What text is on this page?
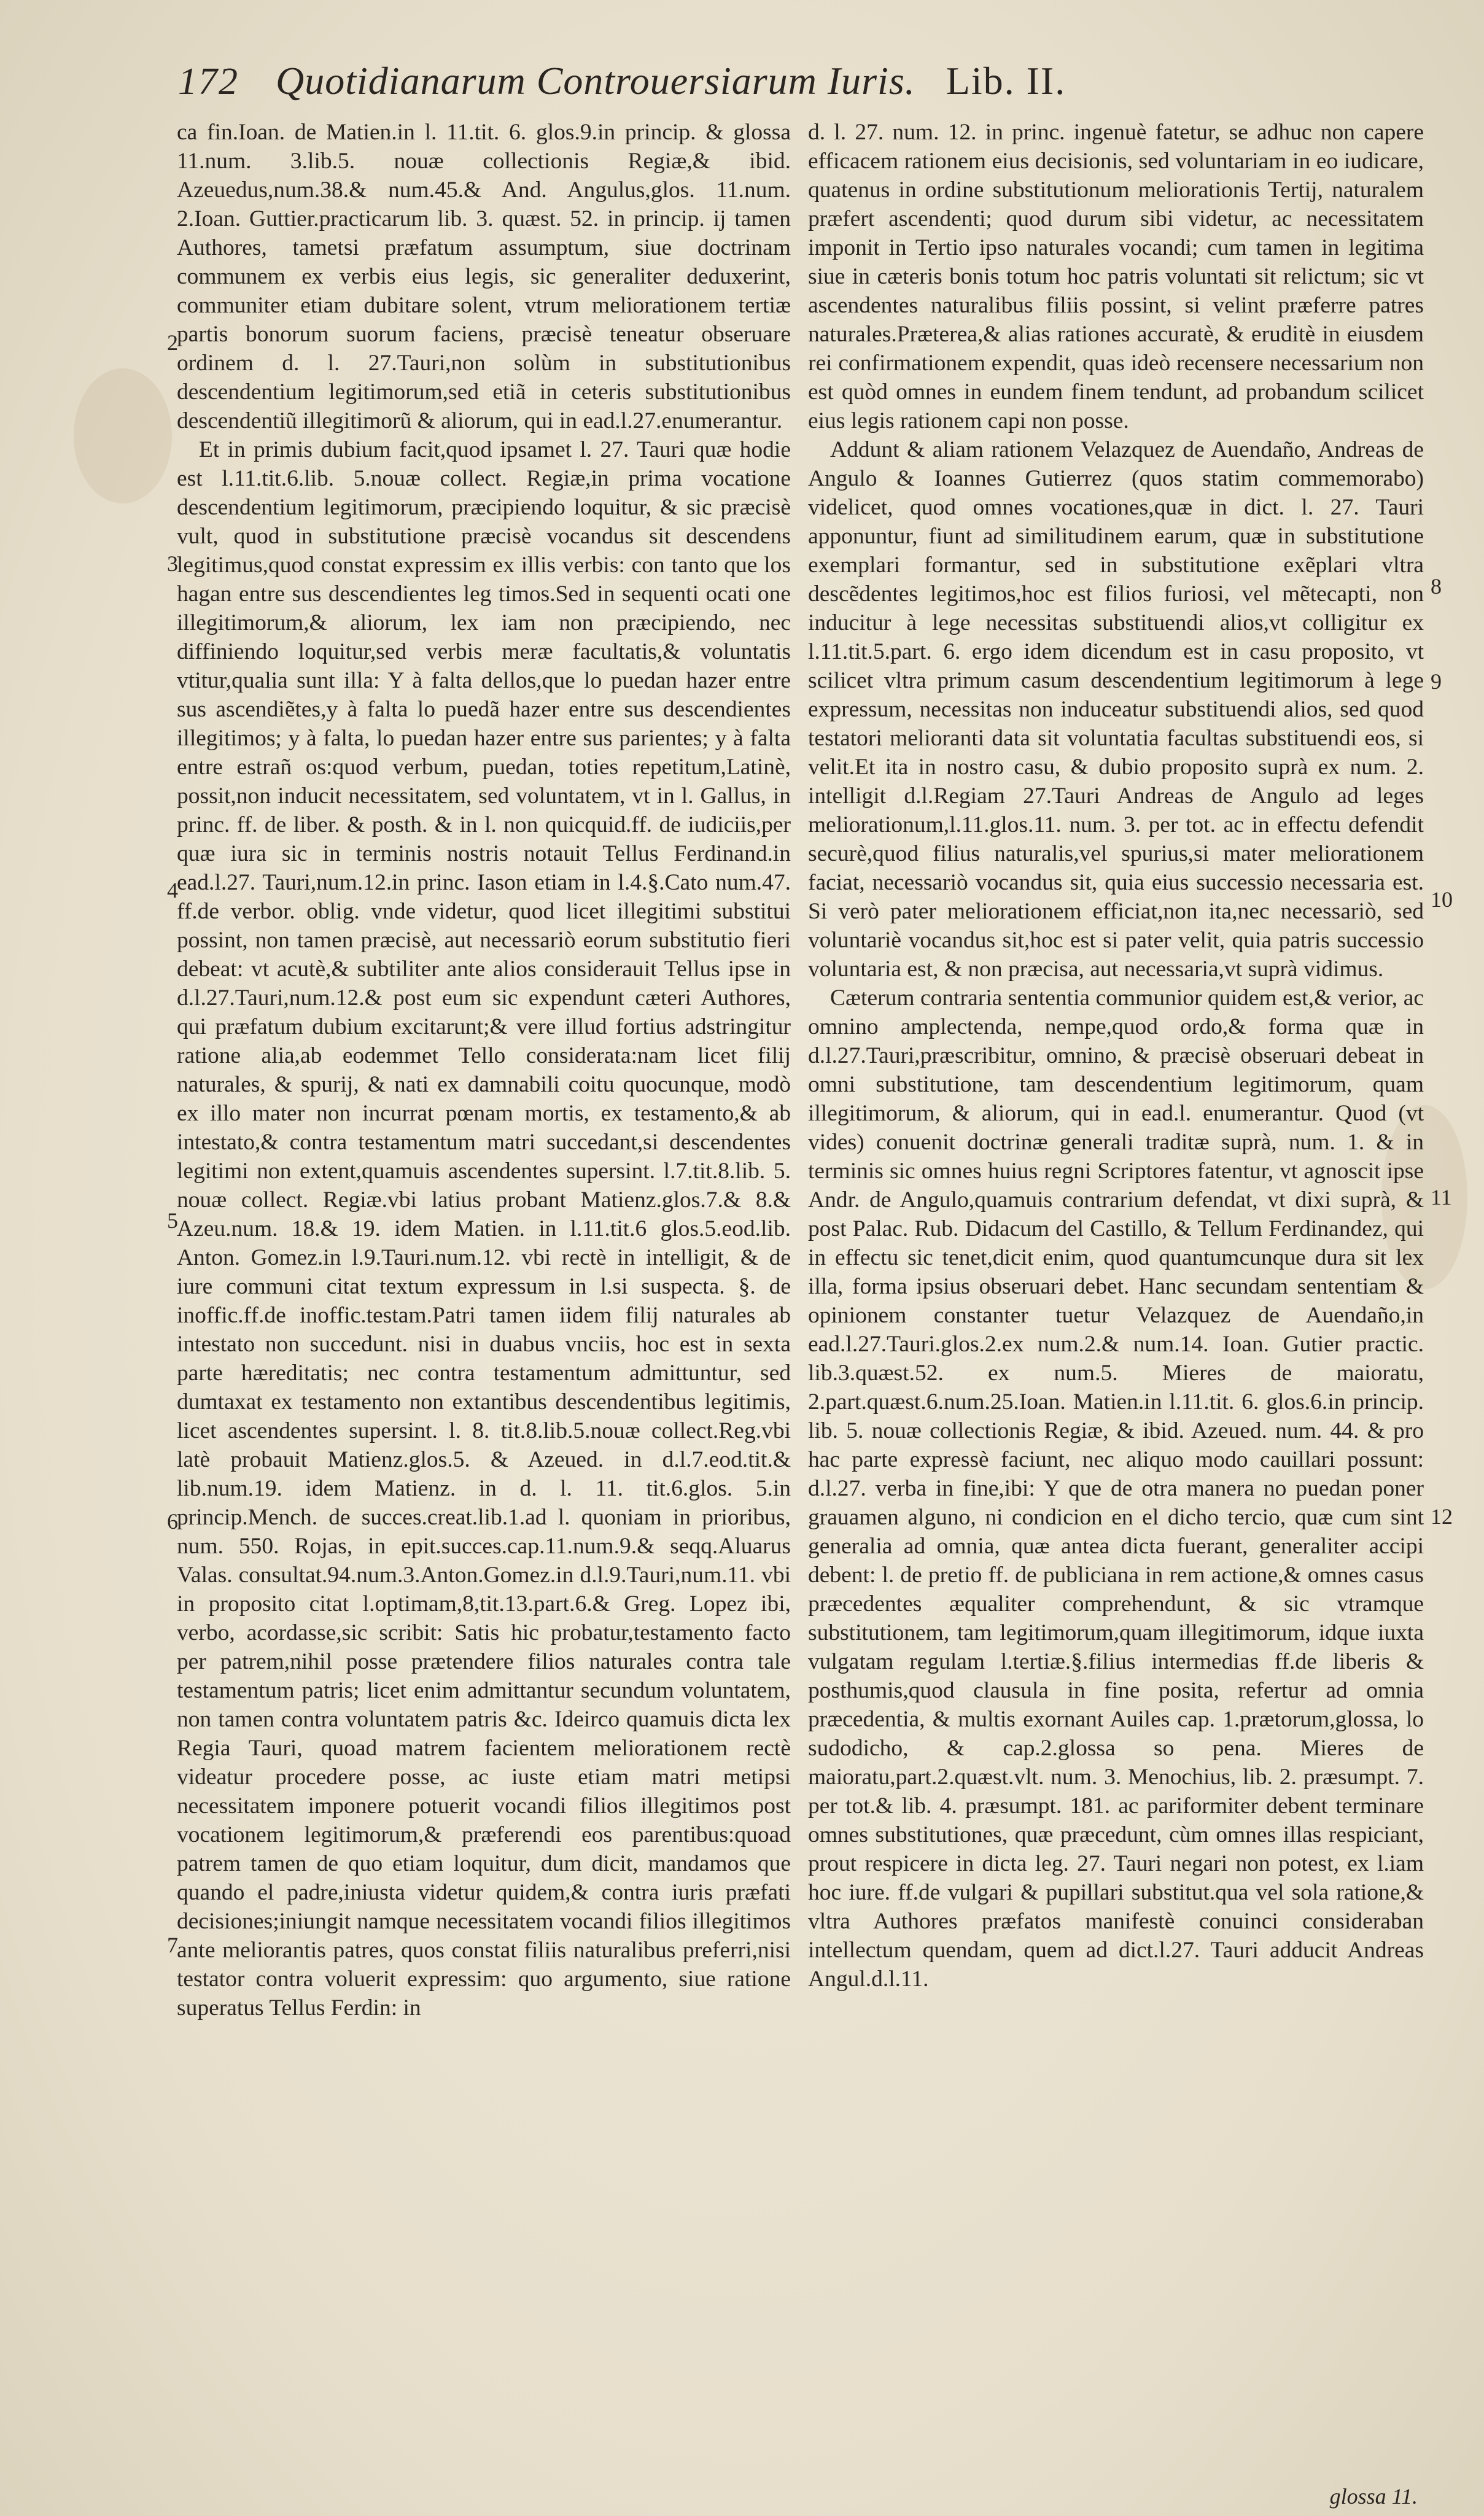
172 Quotidianarum Controuersiarum Iuris. Lib. II.

ca fin.Ioan. de Matien.in l. 11.tit. 6. glos.9.in princip. & glossa 11.num. 3.lib.5. nouæ collectionis Regiæ,& ibid. Azeuedus,num.38.& num.45.& And. Angulus,glos. 11.num. 2.Ioan. Guttier.practicarum lib. 3. quæst. 52. in princip. ij tamen Authores, tametsi præfatum assumptum, siue doctrinam communem ex verbis eius legis, sic generaliter deduxerint, communiter etiam dubitare solent, vtrum meliorationem tertiæ partis bonorum suorum faciens, præcisè teneatur obseruare ordinem d. l. 27.Tauri,non solùm in substitutionibus descendentium legitimorum,sed etiã in ceteris substitutionibus descendentiũ illegitimorũ & aliorum, qui in ead.l.27.enumerantur.

Et in primis dubium facit,quod ipsamet l. 27. Tauri quæ hodie est l.11.tit.6.lib. 5.nouæ collect. Regiæ,in prima vocatione descendentium legitimorum, præcipiendo loquitur, & sic præcisè vult, quod in substitutione præcisè vocandus sit descendens legitimus,quod constat expressim ex illis verbis: con tanto que los hagan entre sus descendientes leg timos.Sed in sequenti ocati one illegitimorum,& aliorum, lex iam non præcipiendo, nec diffiniendo loquitur,sed verbis meræ facultatis,& voluntatis vtitur,qualia sunt illa: Y à falta dellos,que lo puedan hazer entre sus ascendiẽtes,y à falta lo puedã hazer entre sus descendientes illegitimos; y à falta, lo puedan hazer entre sus parientes; y à falta entre estrañ os:quod verbum, puedan, toties repetitum,Latinè, possit,non inducit necessitatem, sed voluntatem, vt in l. Gallus, in princ. ff. de liber. & posth. & in l. non quicquid.ff. de iudiciis,per quæ iura sic in terminis nostris notauit Tellus Ferdinand.in ead.l.27. Tauri,num.12.in princ. Iason etiam in l.4.§.Cato num.47. ff.de verbor. oblig. vnde videtur, quod licet illegitimi substitui possint, non tamen præcisè, aut necessariò eorum substitutio fieri debeat: vt acutè,& subtiliter ante alios considerauit Tellus ipse in d.l.27.Tauri,num.12.& post eum sic expendunt cæteri Authores, qui præfatum dubium excitarunt;& vere illud fortius adstringitur ratione alia,ab eodemmet Tello considerata:nam licet filij naturales, & spurij, & nati ex damnabili coitu quocunque, modò ex illo mater non incurrat pœnam mortis, ex testamento,& ab intestato,& contra testamentum matri succedant,si descendentes legitimi non extent,quamuis ascendentes supersint. l.7.tit.8.lib. 5. nouæ collect. Regiæ.vbi latius probant Matienz.glos.7.& 8.& Azeu.num. 18.& 19. idem Matien. in l.11.tit.6 glos.5.eod.lib. Anton. Gomez.in l.9.Tauri.num.12. vbi rectè in intelligit, & de iure communi citat textum expressum in l.si suspecta. §. de inoffic.ff.de inoffic.testam.Patri tamen iidem filij naturales ab intestato non succedunt. nisi in duabus vnciis, hoc est in sexta parte hæreditatis; nec contra testamentum admittuntur, sed dumtaxat ex testamento non extantibus descendentibus legitimis, licet ascendentes supersint. l. 8. tit.8.lib.5.nouæ collect.Reg.vbi latè probauit Matienz.glos.5. & Azeued. in d.l.7.eod.tit.& lib.num.19. idem Matienz. in d. l. 11. tit.6.glos. 5.in princip.Mench. de succes.creat.lib.1.ad l. quoniam in prioribus, num. 550. Rojas, in epit.succes.cap.11.num.9.& seqq.Aluarus Valas. consultat.94.num.3.Anton.Gomez.in d.l.9.Tauri,num.11. vbi in proposito citat l.optimam,8,tit.13.part.6.& Greg. Lopez ibi, verbo, acordasse,sic scribit: Satis hic probatur,testamento facto per patrem,nihil posse prætendere filios naturales contra tale testamentum patris; licet enim admittantur secundum voluntatem, non tamen contra voluntatem patris &c. Ideirco quamuis dicta lex Regia Tauri, quoad matrem facientem meliorationem rectè videatur procedere posse, ac iuste etiam matri metipsi necessitatem imponere potuerit vocandi filios illegitimos post vocationem legitimorum,& præferendi eos parentibus:quoad patrem tamen de quo etiam loquitur, dum dicit, mandamos que quando el padre,iniusta videtur quidem,& contra iuris præfati decisiones;iniungit namque necessitatem vocandi filios illegitimos ante meliorantis patres, quos constat filiis naturalibus preferri,nisi testator contra voluerit expressim: quo argumento, siue ratione superatus Tellus Ferdin: in

2
3
4
5
6
7

d. l. 27. num. 12. in princ. ingenuè fatetur, se adhuc non capere efficacem rationem eius decisionis, sed voluntariam in eo iudicare, quatenus in ordine substitutionum meliorationis Tertij, naturalem præfert ascendenti; quod durum sibi videtur, ac necessitatem imponit in Tertio ipso naturales vocandi; cum tamen in legitima siue in cæteris bonis totum hoc patris voluntati sit relictum; sic vt ascendentes naturalibus filiis possint, si velint præferre patres naturales.Præterea,& alias rationes accuratè, & eruditè in eiusdem rei confirmationem expendit, quas ideò recensere necessarium non est quòd omnes in eundem finem tendunt, ad probandum scilicet eius legis rationem capi non posse.

Addunt & aliam rationem Velazquez de Auendaño, Andreas de Angulo & Ioannes Gutierrez (quos statim commemorabo) videlicet, quod omnes vocationes,quæ in dict. l. 27. Tauri apponuntur, fiunt ad similitudinem earum, quæ in substitutione exemplari formantur, sed in substitutione exẽplari vltra descẽdentes legitimos,hoc est filios furiosi, vel mẽtecapti, non inducitur à lege necessitas substituendi alios,vt colligitur ex l.11.tit.5.part. 6. ergo idem dicendum est in casu proposito, vt scilicet vltra primum casum descendentium legitimorum à lege expressum, necessitas non induceatur substituendi alios, sed quod testatori melioranti data sit voluntatia facultas substituendi eos, si velit.Et ita in nostro casu, & dubio proposito suprà ex num. 2. intelligit d.l.Regiam 27.Tauri Andreas de Angulo ad leges meliorationum,l.11.glos.11. num. 3. per tot. ac in effectu defendit securè,quod filius naturalis,vel spurius,si mater meliorationem faciat, necessariò vocandus sit, quia eius successio necessaria est. Si verò pater meliorationem efficiat,non ita,nec necessariò, sed voluntariè vocandus sit,hoc est si pater velit, quia patris successio voluntaria est, & non præcisa, aut necessaria,vt suprà vidimus.

Cæterum contraria sententia communior quidem est,& verior, ac omnino amplectenda, nempe,quod ordo,& forma quæ in d.l.27.Tauri,præscribitur, omnino, & præcisè obseruari debeat in omni substitutione, tam descendentium legitimorum, quam illegitimorum, & aliorum, qui in ead.l. enumerantur. Quod (vt vides) conuenit doctrinæ generali traditæ suprà, num. 1. & in terminis sic omnes huius regni Scriptores fatentur, vt agnoscit ipse Andr. de Angulo,quamuis contrarium defendat, vt dixi suprà, & post Palac. Rub. Didacum del Castillo, & Tellum Ferdinandez, qui in effectu sic tenet,dicit enim, quod quantumcunque dura sit lex illa, forma ipsius obseruari debet. Hanc secundam sententiam & opinionem constanter tuetur Velazquez de Auendaño,in ead.l.27.Tauri.glos.2.ex num.2.& num.14. Ioan. Gutier practic. lib.3.quæst.52. ex num.5. Mieres de maioratu, 2.part.quæst.6.num.25.Ioan. Matien.in l.11.tit. 6. glos.6.in princip. lib. 5. nouæ collectionis Regiæ, & ibid. Azeued. num. 44. & pro hac parte expressè faciunt, nec aliquo modo cauillari possunt: d.l.27. verba in fine,ibi: Y que de otra manera no puedan poner grauamen alguno, ni condicion en el dicho tercio, quæ cum sint generalia ad omnia, quæ antea dicta fuerant, generaliter accipi debent: l. de pretio ff. de publiciana in rem actione,& omnes casus præcedentes æqualiter comprehendunt, & sic vtramque substitutionem, tam legitimorum,quam illegitimorum, idque iuxta vulgatam regulam l.tertiæ.§.filius intermedias ff.de liberis & posthumis,quod clausula in fine posita, refertur ad omnia præcedentia, & multis exornant Auiles cap. 1.prætorum,glossa, lo sudodicho, & cap.2.glossa so pena. Mieres de maioratu,part.2.quæst.vlt. num. 3. Menochius, lib. 2. præsumpt. 7. per tot.& lib. 4. præsumpt. 181. ac pariformiter debent terminare omnes substitutiones, quæ præcedunt, cùm omnes illas respiciant, prout respicere in dicta leg. 27. Tauri negari non potest, ex l.iam hoc iure. ff.de vulgari & pupillari substitut.qua vel sola ratione,& vltra Authores præfatos manifestè conuinci consideraban intellectum quendam, quem ad dict.l.27. Tauri adducit Andreas Angul.d.l.11.

8
9
10
11
12
glossa 11.
